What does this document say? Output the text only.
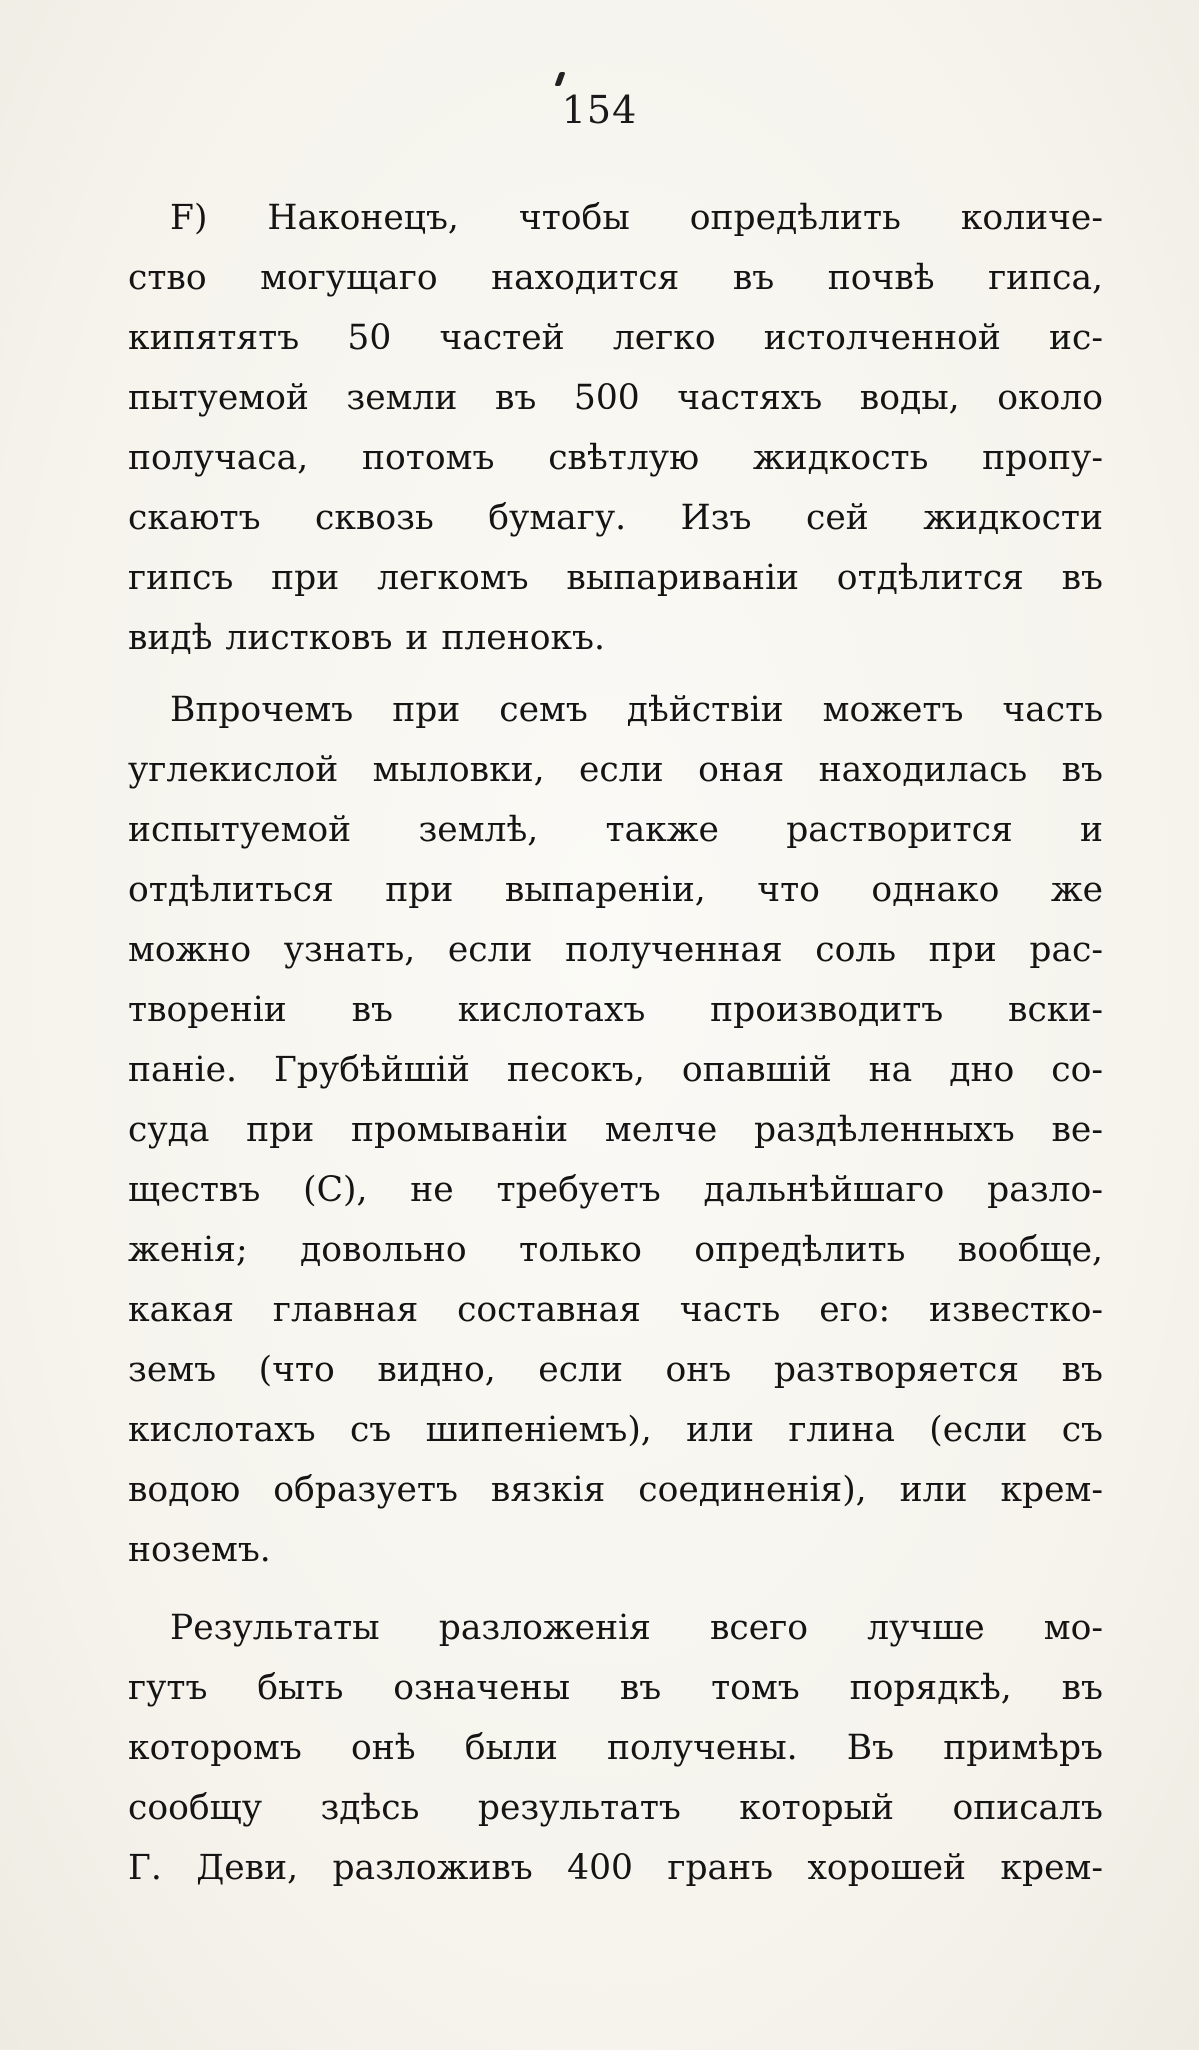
154
F) Наконецъ, чтобы опредѣлить количе-
ство могущаго находится въ почвѣ гипса,
кипятятъ 50 частей легко истолченной ис-
пытуемой земли въ 500 частяхъ воды, около
получаса, потомъ свѣтлую жидкость пропу-
скаютъ сквозь бумагу. Изъ сей жидкости
гипсъ при легкомъ выпариваніи отдѣлится въ
видѣ листковъ и пленокъ.
Впрочемъ при семъ дѣйствіи можетъ часть
углекислой мыловки, если оная находилась въ
испытуемой землѣ, также растворится и
отдѣлиться при выпареніи, что однако же
можно узнать, если полученная соль при рас-
твореніи въ кислотахъ производитъ вски-
паніе. Грубѣйшій песокъ, опавшій на дно со-
суда при промываніи мелче раздѣленныхъ ве-
ществъ (C), не требуетъ дальнѣйшаго разло-
женія; довольно только опредѣлить вообще,
какая главная составная часть его: известко-
земъ (что видно, если онъ разтворяется въ
кислотахъ съ шипеніемъ), или глина (если съ
водою образуетъ вязкія соединенія), или крем-
ноземъ.
Результаты разложенія всего лучше мо-
гутъ быть означены въ томъ порядкѣ, въ
которомъ онѣ были получены. Въ примѣръ
сообщу здѣсь результатъ который описалъ
Г. Деви, разложивъ 400 гранъ хорошей крем-
